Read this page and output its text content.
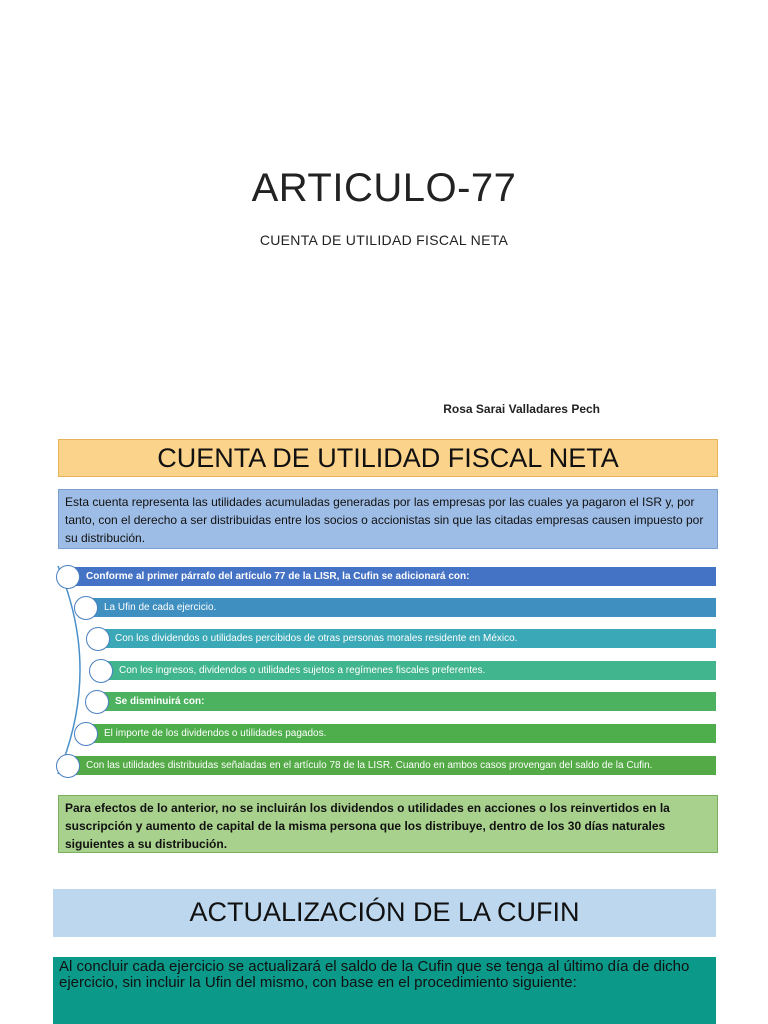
ARTICULO-77
CUENTA DE UTILIDAD FISCAL NETA
Rosa Sarai Valladares Pech
CUENTA DE UTILIDAD FISCAL NETA
Esta cuenta representa las utilidades acumuladas generadas por las empresas por las cuales ya pagaron el ISR y, por tanto, con el derecho a ser distribuidas entre los socios o accionistas sin que las citadas empresas causen impuesto por su distribución.
Conforme al primer párrafo del artículo 77 de la LISR, la Cufin se adicionará con:
La Ufin de cada ejercicio.
Con los dividendos o utilidades percibidos de otras personas morales residente en México.
Con los ingresos, dividendos o utilidades sujetos a regímenes fiscales preferentes.
Se disminuirá con:
El importe de los dividendos o utilidades pagados.
Con las utilidades distribuidas señaladas en el artículo 78 de la LISR. Cuando en ambos casos provengan del saldo de la Cufin.
Para efectos de lo anterior, no se incluirán los dividendos o utilidades en acciones o los reinvertidos en la suscripción y aumento de capital de la misma persona que los distribuye, dentro de los 30 días naturales siguientes a su distribución.
ACTUALIZACIÓN DE LA CUFIN
Al concluir cada ejercicio se actualizará el saldo de la Cufin que se tenga al último día de dicho ejercicio, sin incluir la Ufin del mismo, con base en el procedimiento siguiente:
